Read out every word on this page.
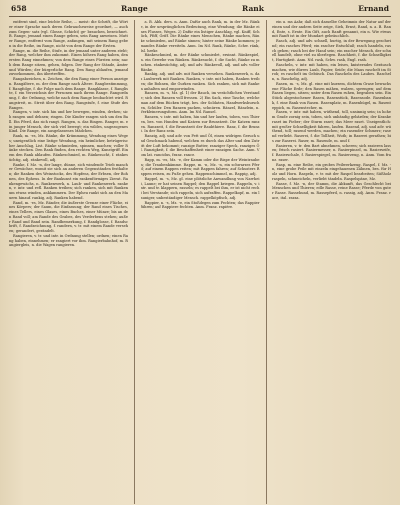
658	Range	Rank	Ernand

entfernt sind, eine leichte Reihe, ... meist: die Schrift, die Wörter einer Sprache nach deren Gebrauchsweise geordnet, — auch zum Gegen- satz (vgl. Glosse, Schicht) ge- brauchen, bezeichnet. B. Range, jemand einen Range geben, sein Rang anweisen. Mutter Range, entfernt vom Range, anfangen, mit seinem Rang geben in die Reihe, im Range, nicht von dem Range der Ersten.

Range, m. die Reihe, Stufe, in der jemand unter anderen steht; der Rang, welcher ihm zukommt. Einen höhern Rang haben, den ersten Rang einnehmen; von dem Range eines Fürsten sein; nach dem Range sitzen, gehen, folgen. Der Rang der Stände, Ämter und Würden; der bürgerliche Rang. Den Rang ablaufen, jemand zuvorkommen, ihn übertreffen.

Rangabzeichen, n. Zeichen, die den Rang einer Person anzeigen. Rangältere, m. der dem Range nach Ältere. Rangbestimmung, f. Rangfolge, f. die Folge nach dem Range. Rangklasse, f. Rangliste, f. ein Verzeichnis der Personen nach ihrem Range. Rangordnung, f. die Ordnung, welche nach dem Range beobachtet wird. Rangstreit, m. Streit über den Rang. Rangstufe, f. eine Stufe des Ranges.

Rangen, v. intr. sich hin und her bewegen, winden, drehen; sich rangen und dehnen; ringen. Die Kinder rangen sich um den Ball. Ein Pferd, das sich rangt. Rangen, n. das Ringen. Ranger, m. ein junger Mensch, der sich viel bewegt; ein wildes, ungezogenes Kind. Die Range, ein ausgelassenes Mädchen.

Rank, m. -es, Mz. Ränke, die Krümmung, Wendung eines Weges; uneigentlich eine listige Wendung, ein heimlicher, betrügerischer Anschlag, List. Ränke schmieden, spinnen, machen; voller Ränke stecken. Den Rank finden, den rechten Weg, Kunstgriff. Einem den Rank ablaufen. Ränkeschmied, m. Ränkesucht, f. ränkesüchtig, adj. ränkevoll, adj.

Ranke, f. Mz. -n, der lange, dünne, sich windende Trieb mancher Gewächse, womit sie sich an anderen Gegenständen festhalten; die Ranken des Weinstocks, des Hopfens, der Erbsen, der Bohnen, des Epheus. In der Baukunst ein rankenförmiges Zierat. Rankengewächs, n. Rankenwerk, n. Laub- und Rankenwerk. ranken, v. intr. und refl. Ranken treiben; sich ranken, sich mit Ranken um etwas winden, anklammern. Der Epheu rankt sich an den Mauern hinauf. rankig, adj. Ranken habend.

Rand, m. -es, Mz. Ränder, die äußerste Grenze einer Fläche, eines Körpers; der Saum, die Einfassung; der Rand eines Tisches, eines Tellers, eines Glases, eines Buches, einer Münze; bis an den Rand voll; am Rande des Grabes, des Verderbens stehen; außer Rand und Band sein. Randbemerkung, f. Randglosse, f. Randschrift, f. Randzeichnung, f. randern, v. tr. mit einem Rande versehen; gerandert, gerändelt.

Rangieren, v. tr. und intr. in Ordnung stellen; ordnen; einen Rang haben, einnehmen; er rangiert vor ihm. Rangierbahnhof, m. Rangiergleis, n. die Wagen rangieren.

a. B. Abk. ders. n. Anm. Dafür auch Rank, m. in der Mz. Ränke, in der ursprünglichen Bedeutung, eine Wendung; die Ränke eines Flusses, Weges. 2) Dafür ein listiger Anschlag, vgl. Kniff, Schlich, Pfiff, Griff. Die Ränke eines Menschen, Ränke machen, Ränke schmieden, auf Ränke sinnen; hinter seine Ränke kommen; jemandes Ränke vereiteln. Anm. Im Nd. Rank, Ränke, Schw. ränk, Isl. hrekr.

Ränkeschmied, m. der Ränke schmiedet, ersinnt. Ränkespiel, n. ein Gewebe von Ränken. Ränkesucht, f. die Sucht, Ränke zu machen. ränkesüchtig, adj. und adv. Ränkevoll, adj. und adv. voller Ränke.

Rankig, adj. und adv. mit Ranken versehen. Rankenwerk, n. das Laubwerk mit Ranken. Ranken, v. intr. mit haben, Ranken treiben; die Bohnen, die Gurken ranken. Sich ranken, sich mit Ranken anhalten und emporwinden.

Ranzen, m. -s, Mz. gl. 1) der Bauch, im verächtlichen Verstande; sich den Ranzen voll fressen. 2) Ein Sack, eine Tasche, welche man auf dem Rücken trägt, bes. der Soldaten, Handwerksburschen, Schüler. Den Ranzen packen, schnüren. Ränzel, Ränzlein, n. Verkleinerungsform. Anm. Im Nd. Ransel.

Ranzen, v. intr. mit haben, hin und her laufen, toben, von Thieren, bes. von Hunden und Katzen zur Brunstzeit. Die Katzen ranzen. Ranzzeit, f. die Brunstzeit der Raubthiere. Ranz, f. die Brunst. In der Ranz sein.

Ranzig, adj. und adv. von Fett und Öl, einen widrigen Geruch und Geschmack habend, welchen es durch das Alter und den Zutritt der Luft bekommt; ranzige Butter, ranziger Speck, ranziges Öl. Ranzigkeit, f. die Beschaffenheit einer ranzigen Sache. Anm. Vom lat. rancidus, franz. rance.

Rapp, m. -es, Mz. -e, der Kamm oder die Rispe der Weintrauben; die Traubenkämme. Rappe, m. -n, Mz. -n, ein schwarzes Pferd; auf einem Rappen reiten; mit Rappen fahren; auf Schusters Rappen reisen, zu Fuße gehen. Rappenschimmel, m. Rappig, adj.

Rappel, m. -s, Mz. gl. eine plötzliche Anwandlung von Narrheit, Laune; er hat seinen Rappel; den Rappel kriegen. Rappeln, v. intr. und tr. klappern, rasseln; es rappelt bei ihm, er ist nicht recht bei Verstande; sich rappeln, sich aufraffen. Rappelkopf, m. ein launiger, unbeständiger Mensch. rappelköpfisch, adj.

Rappier, n. -s, Mz. -e, ein Stoßdegen zum Fechten; das Rappier führen; auf Rappiere fechten. Anm. Franz. rapière.

ein u. ms Aahr, daß sich dasselbe Geheimnis der Natur auf der einen und der andern Seite zeige, Sieh, Ernst, Rand, n. a. B. Rand, Ente, s. Ernte. Ein Gift, auch Ranft genannt, ein n. Wie etwas mit Ranft ist in der Mundart gebräuchlich.

Rasch, adj. und adv. schnell, hurtig, in der Bewegung geschwind; ein rasches Pferd; ein rascher Entschluß; rasch handeln, rasch gehen; rasch bei der Hand sein; ein rascher Mensch, der schnell handelt, ohne viel zu überlegen. Raschheit, f. die Schnelligkeit, Hurtigkeit. Anm. Nd. rask, Schw. rask, Engl. rash.

Rascheln, v. intr. mit haben, ein leises, knisterndes Geräusch machen, wie dürres Laub, Papier, Seide; die Maus raschelt im Stroh; es raschelt im Gebüsch. Das Rascheln des Laubes. Rascheln, n. Raschelig, adj.

Rasen, m. -s, Mz. gl. eine mit kurzem, dichtem Grase bewachsene Fläche Erde; den Rasen mähen, walzen, sprengen; auf dem Rasen liegen, sitzen; unter dem Rasen ruhen, begraben sein. Ein Stück abgestochener Rasen, Rasenstück, Rasensode. Rasenbank, f. eine Bank von Rasen. Rasenplatz, m. Rasenhügel, m. Rasenteppich, m. Rasenstecher, m.

Rasen, v. intr. mit haben, wüthend, toll, unsinnig sein; in hohem Grade zornig sein, toben, sich unbändig gebärden; der Kranke raset im Fieber; der Sturm raset; das Meer raset. Uneigentlich: mit großer Schnelligkeit fahren, laufen. Rasend, adj. und adv. wüthend, toll; rasend werden, machen; ein rasender Schmerz; rasend verliebt. Raserei, f. die Tollheit, Wuth; in Raserei gerathen; bis zur Raserei. Raser, m. Rasende, m. und f.

Rasieren, v. tr. den Bart abnehmen, scheren; sich rasieren lassen; frisch rasiert. Rasiermesser, n. Rasierpinsel, m. Rasierseife, f. Rasierschale, f. Rasierspiegel, m. Rasierzeug, n. Anm. Vom franz. raser.

Rasp, m. eine Reibe, ein grobes Feilwerkzeug. Raspel, f. Mz. -n, eine grobe Feile mit einzeln eingehauenen Zähnen, bes. für Holz und Horn. Raspeln, v. tr. mit der Raspel bearbeiten; Süßholz raspeln, schmeicheln, verliebt tändeln. Raspelspäne, Mz.

Rasse, f. Mz. -n, der Stamm, die Abkunft, das Geschlecht bei Menschen und Thieren; edle Rasse, reine Rasse; Pferde von guter Rasse. Rassehund, m. Rassepferd, n. rassig, adj. Anm. Franz. race, ital. razza.
